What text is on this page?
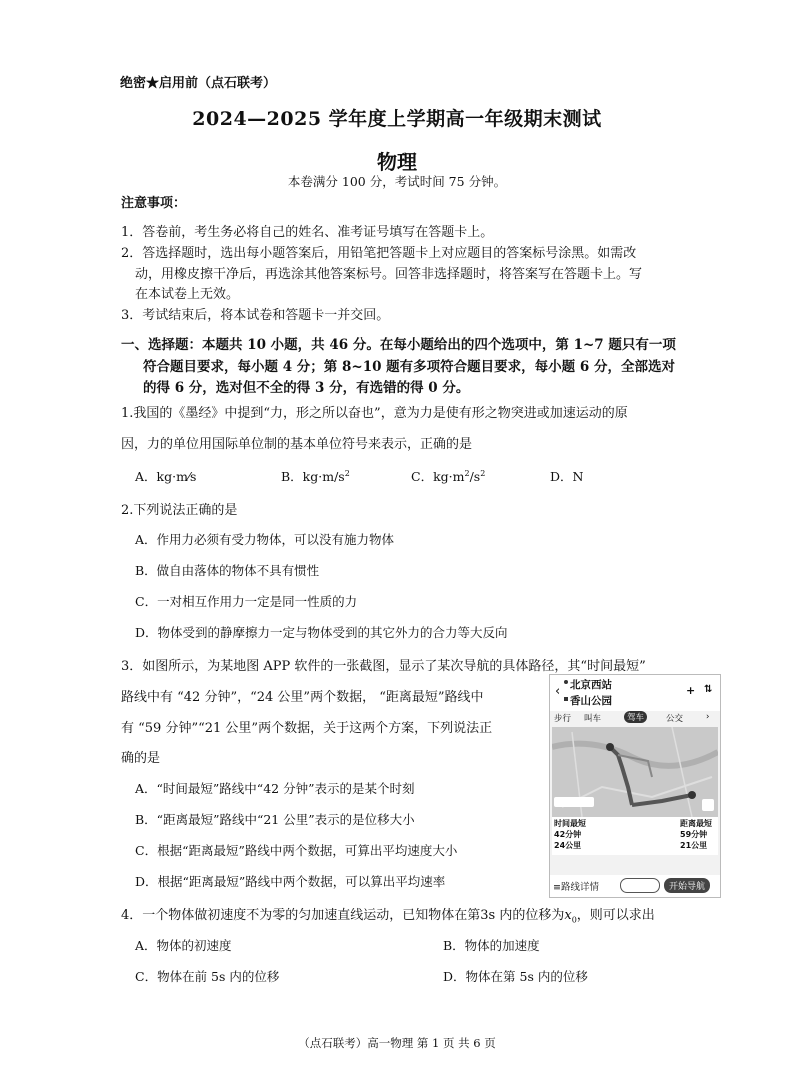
绝密★启用前（点石联考）
2024—2025 学年度上学期高一年级期末测试
物理
本卷满分 100 分，考试时间 75 分钟。
注意事项：
1．答卷前，考生务必将自己的姓名、准考证号填写在答题卡上。
2．答选择题时，选出每小题答案后，用铅笔把答题卡上对应题目的答案标号涂黑。如需改
动，用橡皮擦干净后，再选涂其他答案标号。回答非选择题时，将答案写在答题卡上。写
在本试卷上无效。
3．考试结束后，将本试卷和答题卡一并交回。
一、选择题：本题共 10 小题，共 46 分。在每小题给出的四个选项中，第 1~7 题只有一项
符合题目要求，每小题 4 分；第 8~10 题有多项符合题目要求，每小题 6 分，全部选对
的得 6 分，选对但不全的得 3 分，有选错的得 0 分。
1.我国的《墨经》中提到“力，形之所以奋也”，意为力是使有形之物突进或加速运动的原
因，力的单位用国际单位制的基本单位符号来表示，正确的是
A．kg·m⁄s	B．$kg\cdot m/s^2$	C．$kg\cdot m^2/s^2$	D．N
2.下列说法正确的是
A．作用力必须有受力物体，可以没有施力物体
B．做自由落体的物体不具有惯性
C．一对相互作用力一定是同一性质的力
D．物体受到的静摩擦力一定与物体受到的其它外力的合力等大反向
3．如图所示，为某地图 APP 软件的一张截图，显示了某次导航的具体路径，其“时间最短”
路线中有 “42 分钟”，“24 公里”两个数据， “距离最短”路线中
有 “59 分钟”“21 公里”两个数据，关于这两个方案，下列说法正
确的是
A．“时间最短”路线中“42 分钟”表示的是某个时刻
B．“距离最短”路线中“21 公里”表示的是位移大小
C．根据“距离最短”路线中两个数据，可算出平均速度大小
D．根据“距离最短”路线中两个数据，可以算出平均速率
‹ 北京西站
香山公园
+ ⇅
步行 叫车	驾车	公交	›
时间最短
42分钟
24公里
距离最短
59分钟
21公里
≡路线详情	开始导航
4．一个物体做初速度不为零的匀加速直线运动，已知物体在第3s 内的位移为$x_0$，则可以求出
A．物体的初速度	B．物体的加速度
C．物体在前 5s 内的位移	D．物体在第 5s 内的位移
（点石联考）高一物理 第 1 页 共 6 页
